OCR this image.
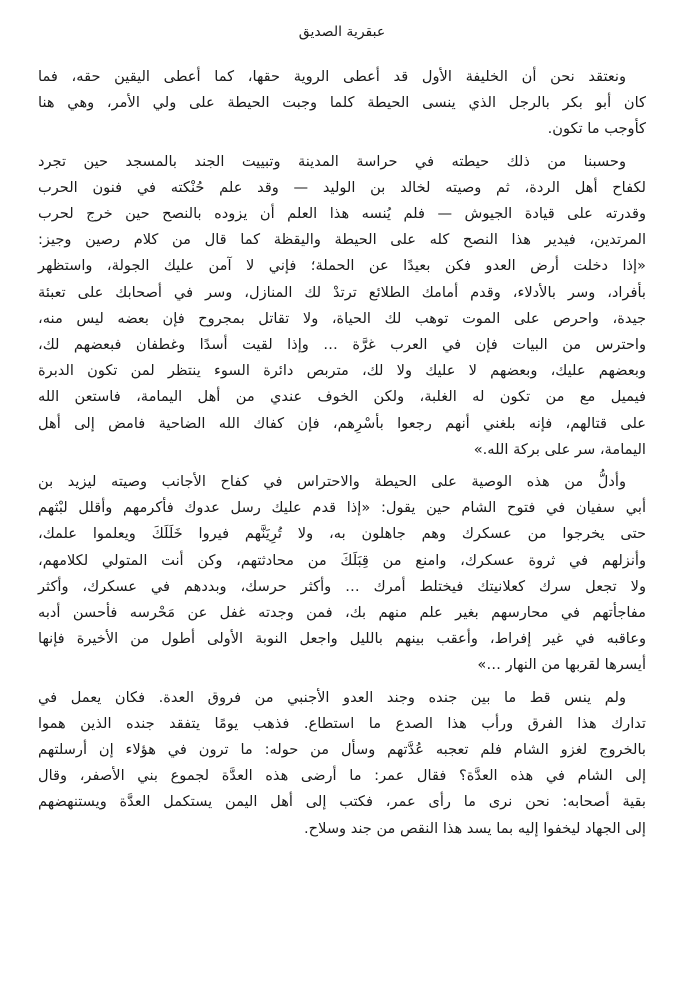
عبقرية الصديق
ونعتقد نحن أن الخليفة الأول قد أعطى الروية حقها، كما أعطى اليقين حقه، فما
كان أبو بكر بالرجل الذي ينسى الحيطة كلما وجبت الحيطة على ولي الأمر، وهي هنا
كأوجب ما تكون.
وحسبنا من ذلك حيطته في حراسة المدينة وتبييت الجند بالمسجد حين تجرد
لكفاح أهل الردة، ثم وصيته لخالد بن الوليد — وقد علم حُنْكته في فنون الحرب
وقدرته على قيادة الجيوش — فلم يُنسه هذا العلم أن يزوده بالنصح حين خرج لحرب
المرتدين، فيدير هذا النصح كله على الحيطة واليقظة كما قال من كلام رصين وجيز:
«إذا دخلت أرض العدو فكن بعيدًا عن الحملة؛ فإني لا آمن عليك الجولة، واستظهر
بأفراد، وسر بالأدلاء، وقدم أمامك الطلائع ترتدْ لك المنازل، وسر في أصحابك على تعبئة
جيدة، واحرص على الموت توهب لك الحياة، ولا تقاتل بمجروح فإن بعضه ليس منه،
واحترس من البيات فإن في العرب غرَّة … وإذا لقيت أسدًا وغطفان فبعضهم لك،
وبعضهم عليك، وبعضهم لا عليك ولا لك، متربص دائرة السوء ينتظر لمن تكون الدبرة
فيميل مع من تكون له الغلبة، ولكن الخوف عندي من أهل اليمامة، فاستعن الله
على قتالهم، فإنه بلغني أنهم رجعوا بأسْرِهم، فإن كفاك الله الضاحية فامض إلى أهل
اليمامة، سر على بركة الله.»
وأدلُّ من هذه الوصية على الحيطة والاحتراس في كفاح الأجانب وصيته ليزيد بن
أبي سفيان في فتوح الشام حين يقول: «إذا قدم عليك رسل عدوك فأكرمهم وأقلل لبْثهم
حتى يخرجوا من عسكرك وهم جاهلون به، ولا تُرِيَنَّهم فيروا خَلَلَكَ ويعلموا علمك،
وأنزلهم في ثروة عسكرك، وامنع من قِبَلَكَ من محادثتهم، وكن أنت المتولي لكلامهم،
ولا تجعل سرك كعلانيتك فيختلط أمرك … وأكثر حرسك، وبددهم في عسكرك، وأكثر
مفاجأتهم في محارسهم بغير علم منهم بك، فمن وجدته غفل عن مَحْرسه فأحسن أدبه
وعاقبه في غير إفراط، وأعقب بينهم بالليل واجعل النوبة الأولى أطول من الأخيرة فإنها
أيسرها لقربها من النهار …»
ولم ينس قط ما بين جنده وجند العدو الأجنبي من فروق العدة. فكان يعمل في
تدارك هذا الفرق ورأب هذا الصدع ما استطاع. فذهب يومًا يتفقد جنده الذين هموا
بالخروج لغزو الشام فلم تعجبه عُدَّتهم وسأل من حوله: ما ترون في هؤلاء إن أرسلتهم
إلى الشام في هذه العدَّة؟ فقال عمر: ما أرضى هذه العدَّة لجموع بني الأصفر، وقال
بقية أصحابه: نحن نرى ما رأى عمر، فكتب إلى أهل اليمن يستكمل العدَّة ويستنهضهم
إلى الجهاد ليخفوا إليه بما يسد هذا النقص من جند وسلاح.
